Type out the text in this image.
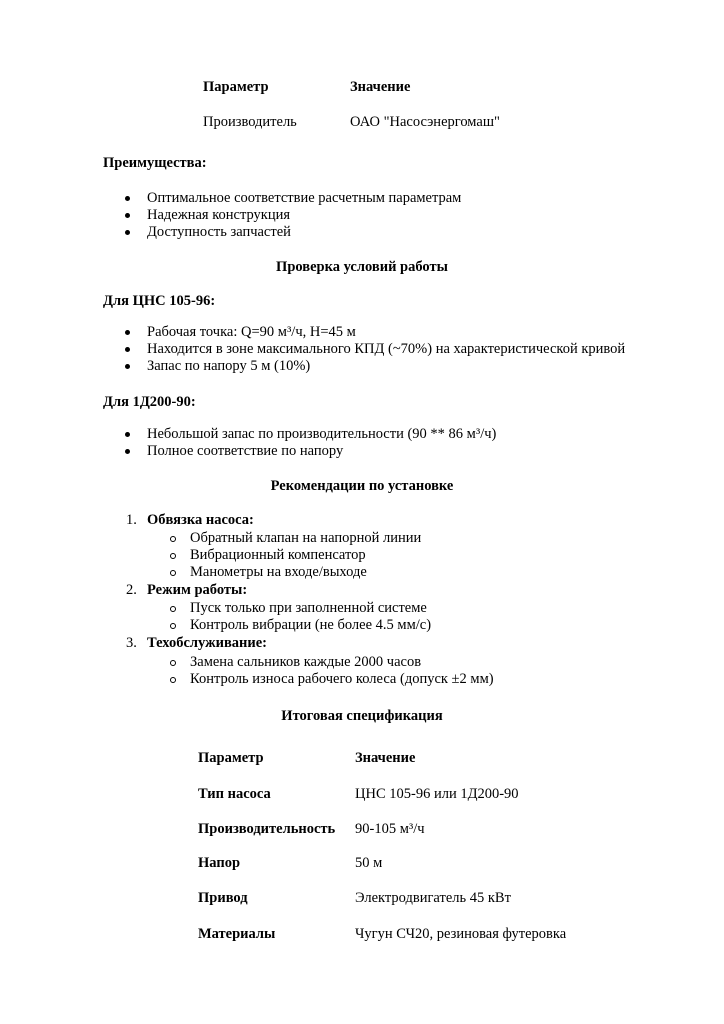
Параметр	Значение
Производитель	ОАО "Насосэнергомаш"
Преимущества:
Оптимальное соответствие расчетным параметрам
Надежная конструкция
Доступность запчастей
Проверка условий работы
Для ЦНС 105-96:
Рабочая точка: Q=90 м³/ч, H=45 м
Находится в зоне максимального КПД (~70%) на характеристической кривой
Запас по напору 5 м (10%)
Для 1Д200-90:
Небольшой запас по производительности (90 ** 86 м³/ч)
Полное соответствие по напору
Рекомендации по установке
1. Обвязка насоса:
Обратный клапан на напорной линии
Вибрационный компенсатор
Манометры на входе/выходе
2. Режим работы:
Пуск только при заполненной системе
Контроль вибрации (не более 4.5 мм/с)
3. Техобслуживание:
Замена сальников каждые 2000 часов
Контроль износа рабочего колеса (допуск ±2 мм)
Итоговая спецификация
Параметр	Значение
Тип насоса	ЦНС 105-96 или 1Д200-90
Производительность 90-105 м³/ч
Напор	50 м
Привод	Электродвигатель 45 кВт
Материалы	Чугун СЧ20, резиновая футеровка
